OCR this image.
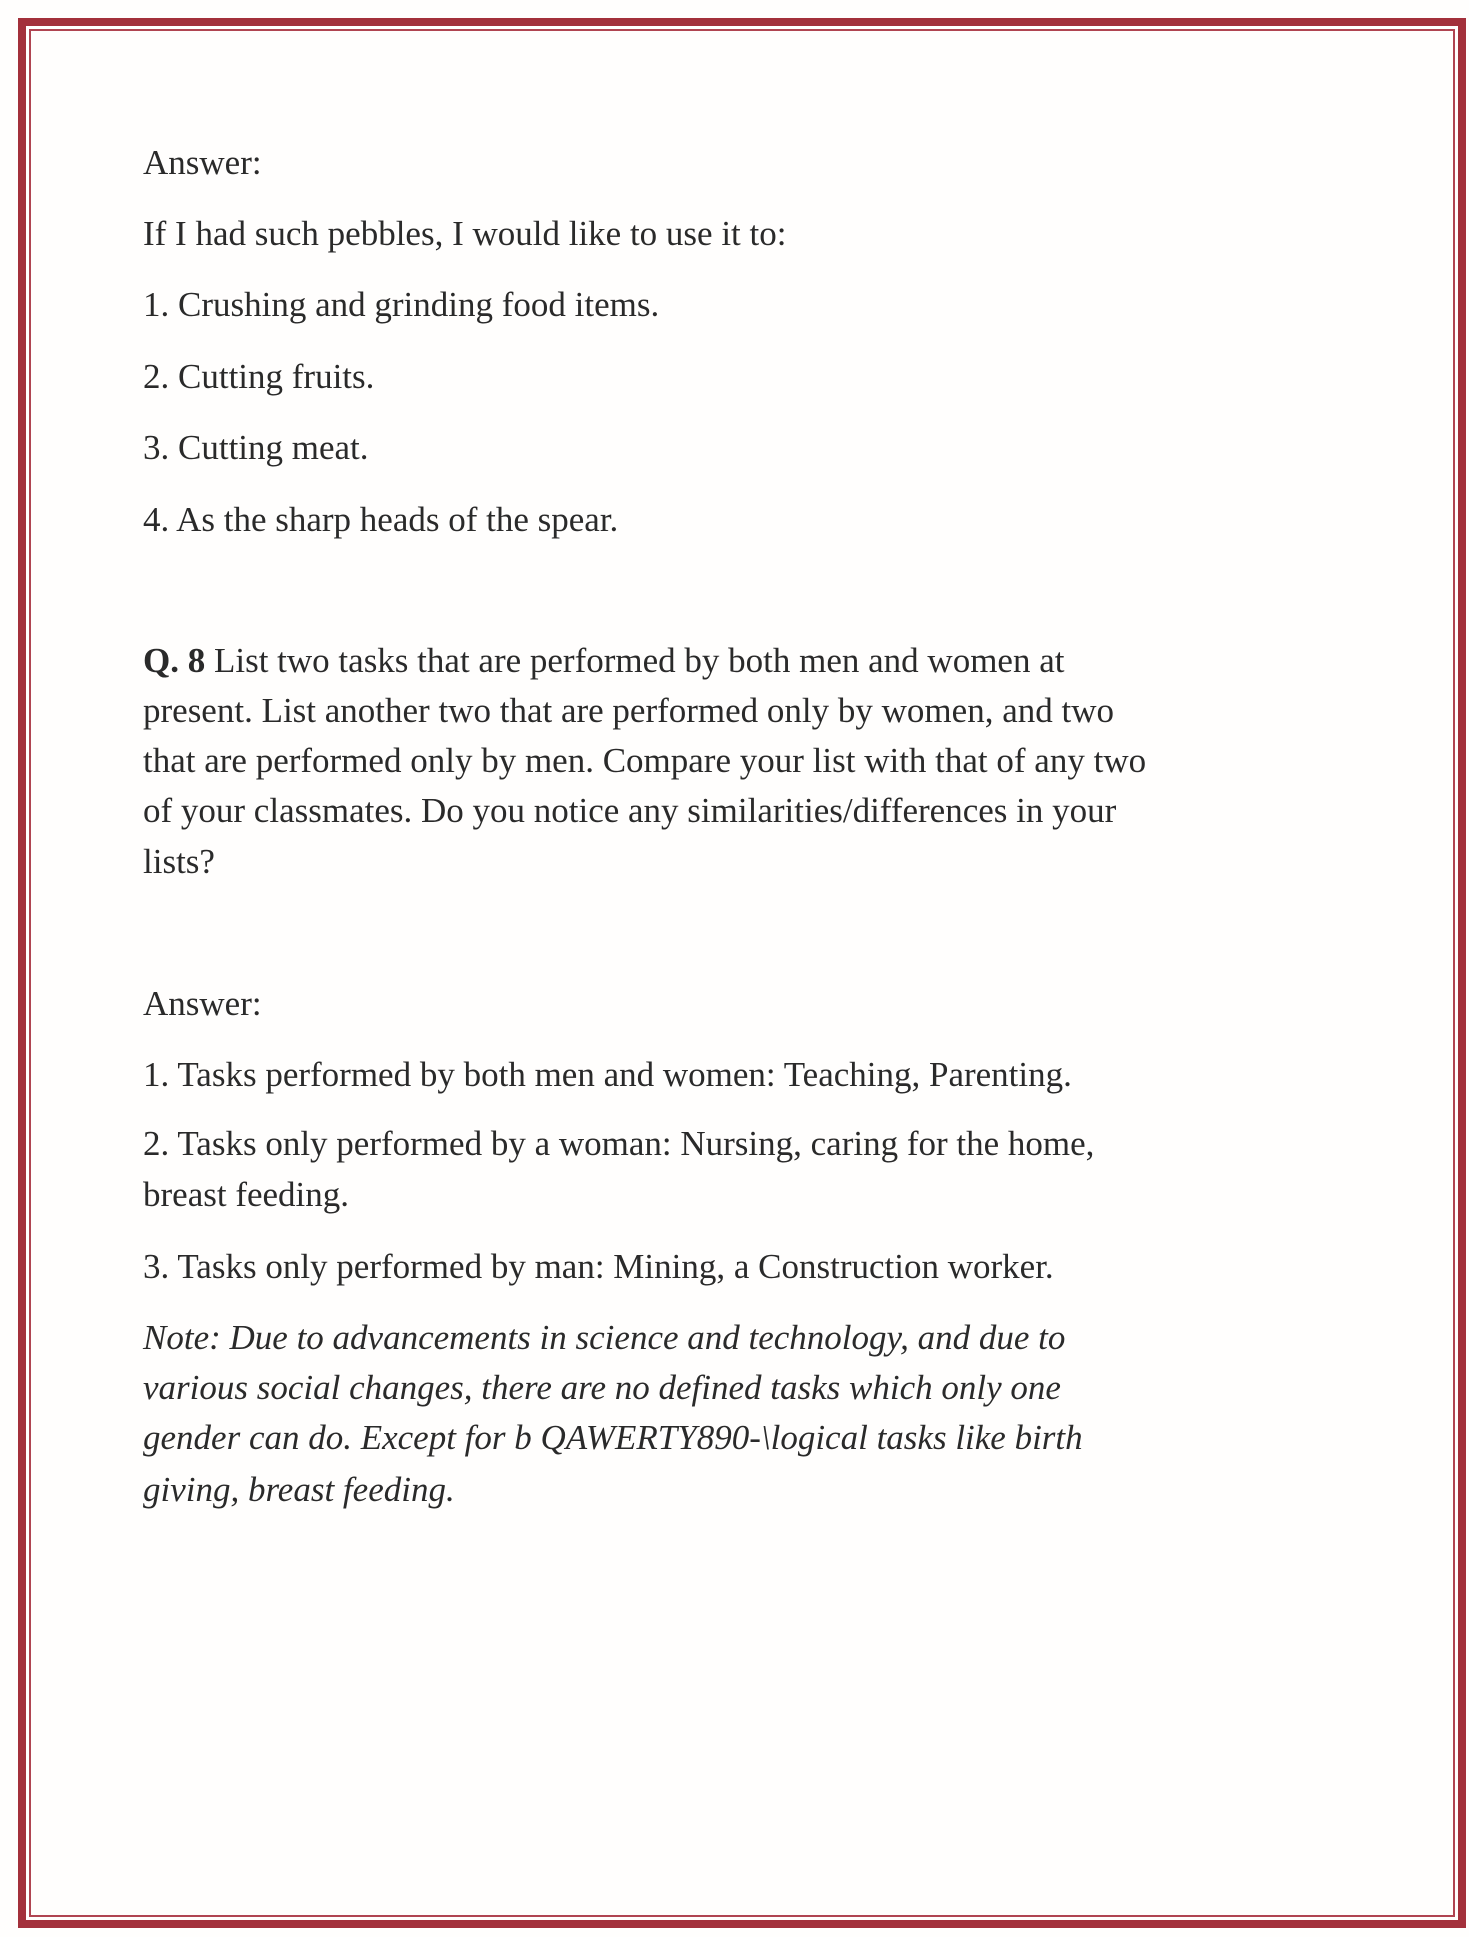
Answer:
If I had such pebbles, I would like to use it to:
1. Crushing and grinding food items.
2. Cutting fruits.
3. Cutting meat.
4. As the sharp heads of the spear.
Q. 8 List two tasks that are performed by both men and women at
present. List another two that are performed only by women, and two
that are performed only by men. Compare your list with that of any two
of your classmates. Do you notice any similarities/differences in your
lists?
Answer:
1. Tasks performed by both men and women: Teaching, Parenting.
2. Tasks only performed by a woman: Nursing, caring for the home,
breast feeding.
3. Tasks only performed by man: Mining, a Construction worker.
Note: Due to advancements in science and technology, and due to
various social changes, there are no defined tasks which only one
gender can do. Except for b QAWERTY890-\logical tasks like birth
giving, breast feeding.
